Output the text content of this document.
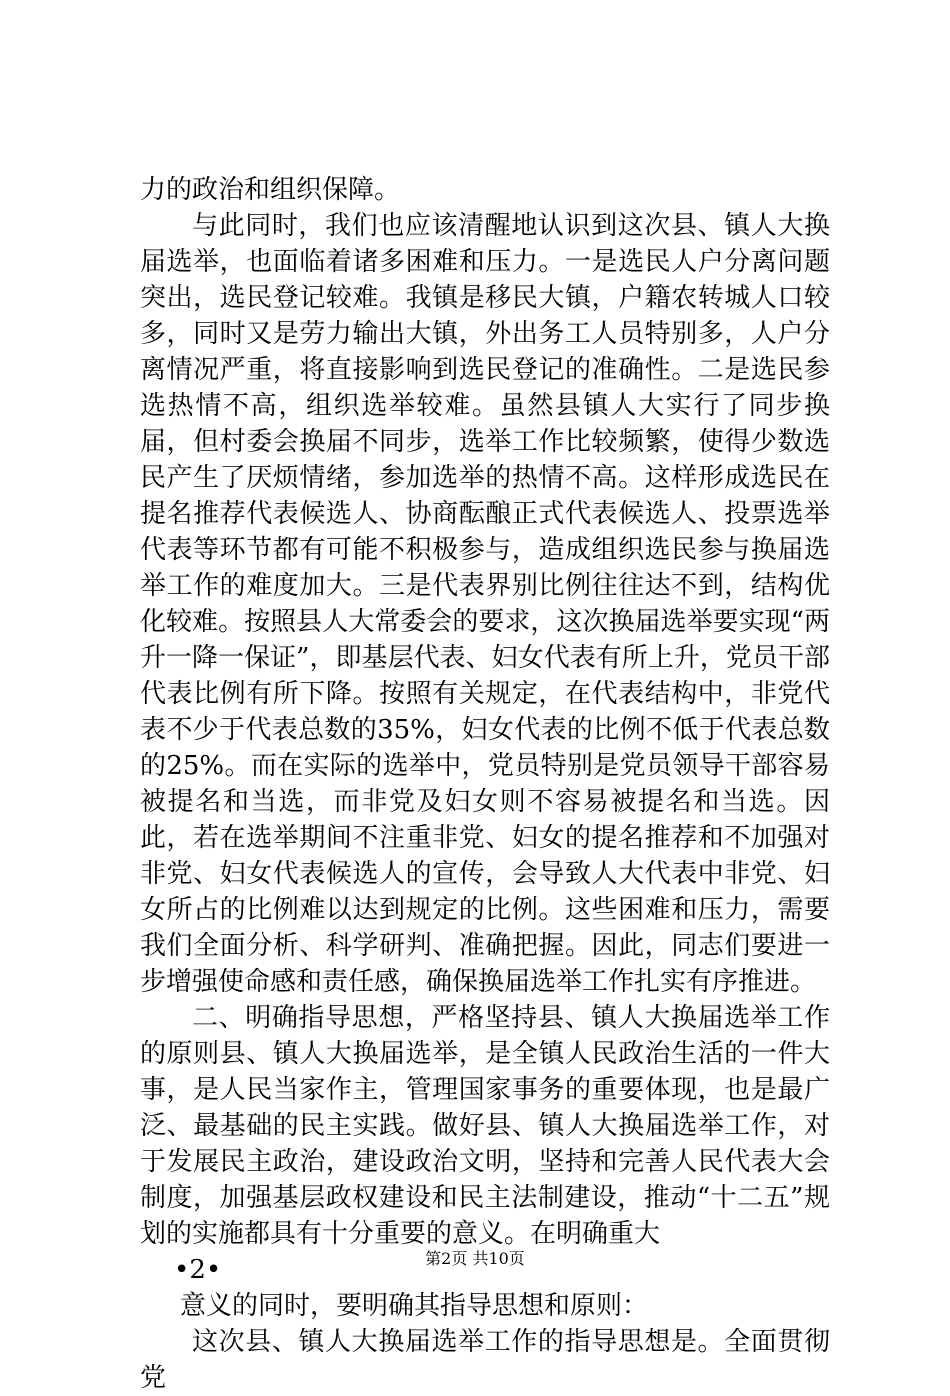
力的政治和组织保障。

与此同时，我们也应该清醒地认识到这次县、镇人大换届选举，也面临着诸多困难和压力。一是选民人户分离问题突出，选民登记较难。我镇是移民大镇，户籍农转城人口较多，同时又是劳力输出大镇，外出务工人员特别多，人户分离情况严重，将直接影响到选民登记的准确性。二是选民参选热情不高，组织选举较难。虽然县镇人大实行了同步换届，但村委会换届不同步，选举工作比较频繁，使得少数选民产生了厌烦情绪，参加选举的热情不高。这样形成选民在提名推荐代表候选人、协商酝酿正式代表候选人、投票选举代表等环节都有可能不积极参与，造成组织选民参与换届选举工作的难度加大。三是代表界别比例往往达不到，结构优化较难。按照县人大常委会的要求，这次换届选举要实现“两升一降一保证”，即基层代表、妇女代表有所上升，党员干部代表比例有所下降。按照有关规定，在代表结构中，非党代表不少于代表总数的35%，妇女代表的比例不低于代表总数的25%。而在实际的选举中，党员特别是党员领导干部容易被提名和当选，而非党及妇女则不容易被提名和当选。因此，若在选举期间不注重非党、妇女的提名推荐和不加强对非党、妇女代表候选人的宣传，会导致人大代表中非党、妇女所占的比例难以达到规定的比例。这些困难和压力，需要我们全面分析、科学研判、准确把握。因此，同志们要进一步增强使命感和责任感，确保换届选举工作扎实有序推进。

二、明确指导思想，严格坚持县、镇人大换届选举工作的原则县、镇人大换届选举，是全镇人民政治生活的一件大事，是人民当家作主，管理国家事务的重要体现，也是最广泛、最基础的民主实践。做好县、镇人大换届选举工作，对于发展民主政治，建设政治文明，坚持和完善人民代表大会制度，加强基层政权建设和民主法制建设，推动“十二五”规划的实施都具有十分重要的意义。在明确重大

•2•

意义的同时，要明确其指导思想和原则：

这次县、镇人大换届选举工作的指导思想是。全面贯彻党

第2页 共10页
